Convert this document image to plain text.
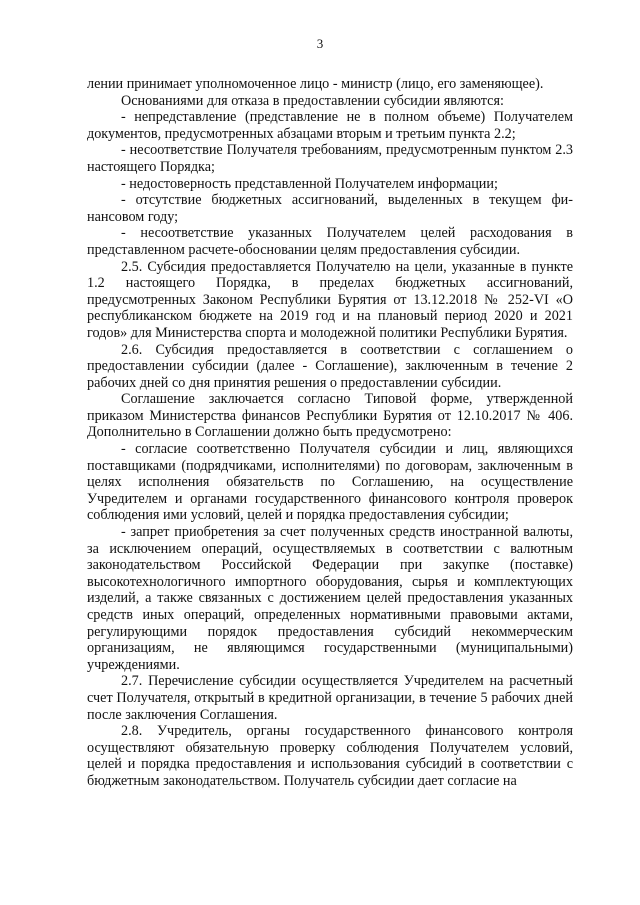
3

лении принимает уполномоченное лицо - министр (лицо, его заменяющее).

Основаниями для отказа в предоставлении субсидии являются:

- непредставление (представление не в полном объеме) Получателем документов, предусмотренных абзацами вторым и третьим пункта 2.2;

- несоответствие Получателя требованиям, предусмотренным пунктом 2.3 настоящего Порядка;

- недостоверность представленной Получателем информации;

- отсутствие бюджетных ассигнований, выделенных в текущем финансовом году;

- несоответствие указанных Получателем целей расходования в представленном расчете-обосновании целям предоставления субсидии.

2.5. Субсидия предоставляется Получателю на цели, указанные в пункте 1.2 настоящего Порядка, в пределах бюджетных ассигнований, предусмотренных Законом Республики Бурятия от 13.12.2018 № 252-VI «О республиканском бюджете на 2019 год и на плановый период 2020 и 2021 годов» для Министерства спорта и молодежной политики Республики Бурятия.

2.6. Субсидия предоставляется в соответствии с соглашением о предоставлении субсидии (далее - Соглашение), заключенным в течение 2 рабочих дней со дня принятия решения о предоставлении субсидии.

Соглашение заключается согласно Типовой форме, утвержденной приказом Министерства финансов Республики Бурятия от 12.10.2017 № 406. Дополнительно в Соглашении должно быть предусмотрено:

- согласие соответственно Получателя субсидии и лиц, являющихся поставщиками (подрядчиками, исполнителями) по договорам, заключенным в целях исполнения обязательств по Соглашению, на осуществление Учредителем и органами государственного финансового контроля проверок соблюдения ими условий, целей и порядка предоставления субсидии;

- запрет приобретения за счет полученных средств иностранной валюты, за исключением операций, осуществляемых в соответствии с валютным законодательством Российской Федерации при закупке (поставке) высокотехнологичного импортного оборудования, сырья и комплектующих изделий, а также связанных с достижением целей предоставления указанных средств иных операций, определенных нормативными правовыми актами, регулирующими порядок предоставления субсидий некоммерческим организациям, не являющимся государственными (муниципальными) учреждениями.

2.7. Перечисление субсидии осуществляется Учредителем на расчетный счет Получателя, открытый в кредитной организации, в течение 5 рабочих дней после заключения Соглашения.

2.8. Учредитель, органы государственного финансового контроля осуществляют обязательную проверку соблюдения Получателем условий, целей и порядка предоставления и использования субсидий в соответствии с бюджетным законодательством. Получатель субсидии дает согласие на
